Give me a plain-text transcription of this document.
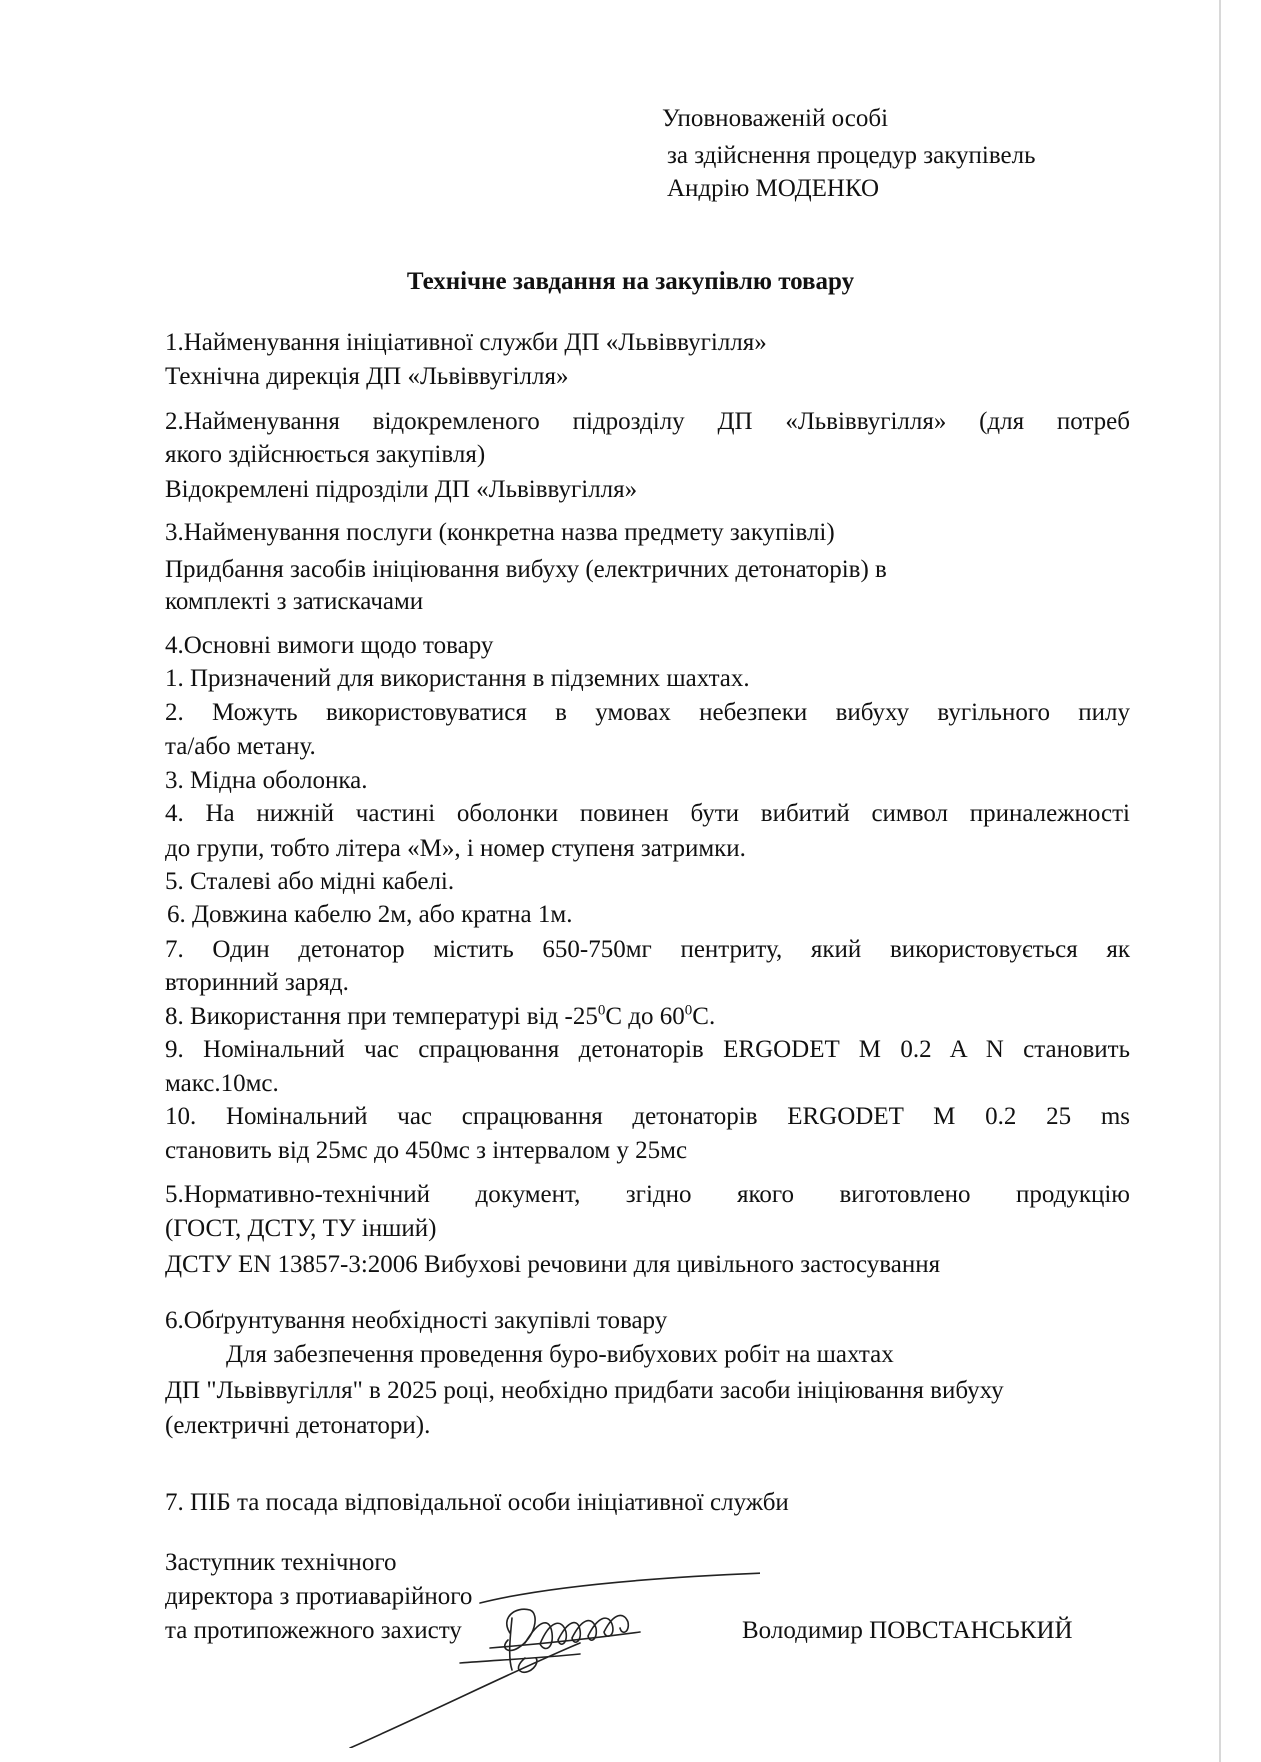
Уповноваженій особі
за здійснення процедур закупівель
Андрію МОДЕНКО
Технічне завдання на закупівлю товару
1.Найменування ініціативної служби ДП «Львіввугілля»
Технічна дирекція ДП «Львіввугілля»
2.Найменування відокремленого підрозділу ДП «Львіввугілля» (для потреб
якого здійснюється закупівля)
Відокремлені підрозділи ДП «Львіввугілля»
3.Найменування послуги (конкретна назва предмету закупівлі)
Придбання засобів ініціювання вибуху (електричних детонаторів) в
комплекті з затискачами
4.Основні вимоги щодо товару
1. Призначений для використання в підземних шахтах.
2. Можуть використовуватися в умовах небезпеки вибуху вугільного пилу
та/або метану.
3. Мідна оболонка.
4. На нижній частині оболонки повинен бути вибитий символ приналежності
до групи, тобто літера «М», і номер ступеня затримки.
5. Сталеві або мідні кабелі.
6. Довжина кабелю 2м, або кратна 1м.
7. Один детонатор містить 650-750мг пентриту, який використовується як
вторинний заряд.
8. Використання при температурі від $-25^0С$ до $60^0С$.
9. Номінальний час спрацювання детонаторів ERGODET M 0.2 A N становить
макс.10мс.
10. Номінальний час спрацювання детонаторів ERGODET M 0.2 25 ms
становить від 25мс до 450мс з інтервалом у 25мс
5.Нормативно-технічний документ, згідно якого виготовлено продукцію
(ГОСТ, ДСТУ, ТУ інший)
ДСТУ EN 13857-3:2006 Вибухові речовини для цивільного застосування
6.Обґрунтування необхідності закупівлі товару
Для забезпечення проведення буро-вибухових робіт на шахтах
ДП "Львіввугілля" в 2025 році, необхідно придбати засоби ініціювання вибуху
(електричні детонатори).
7. ПІБ та посада відповідальної особи ініціативної служби
Заступник технічного
директора з протиаварійного
та протипожежного захисту	Володимир ПОВСТАНСЬКИЙ
